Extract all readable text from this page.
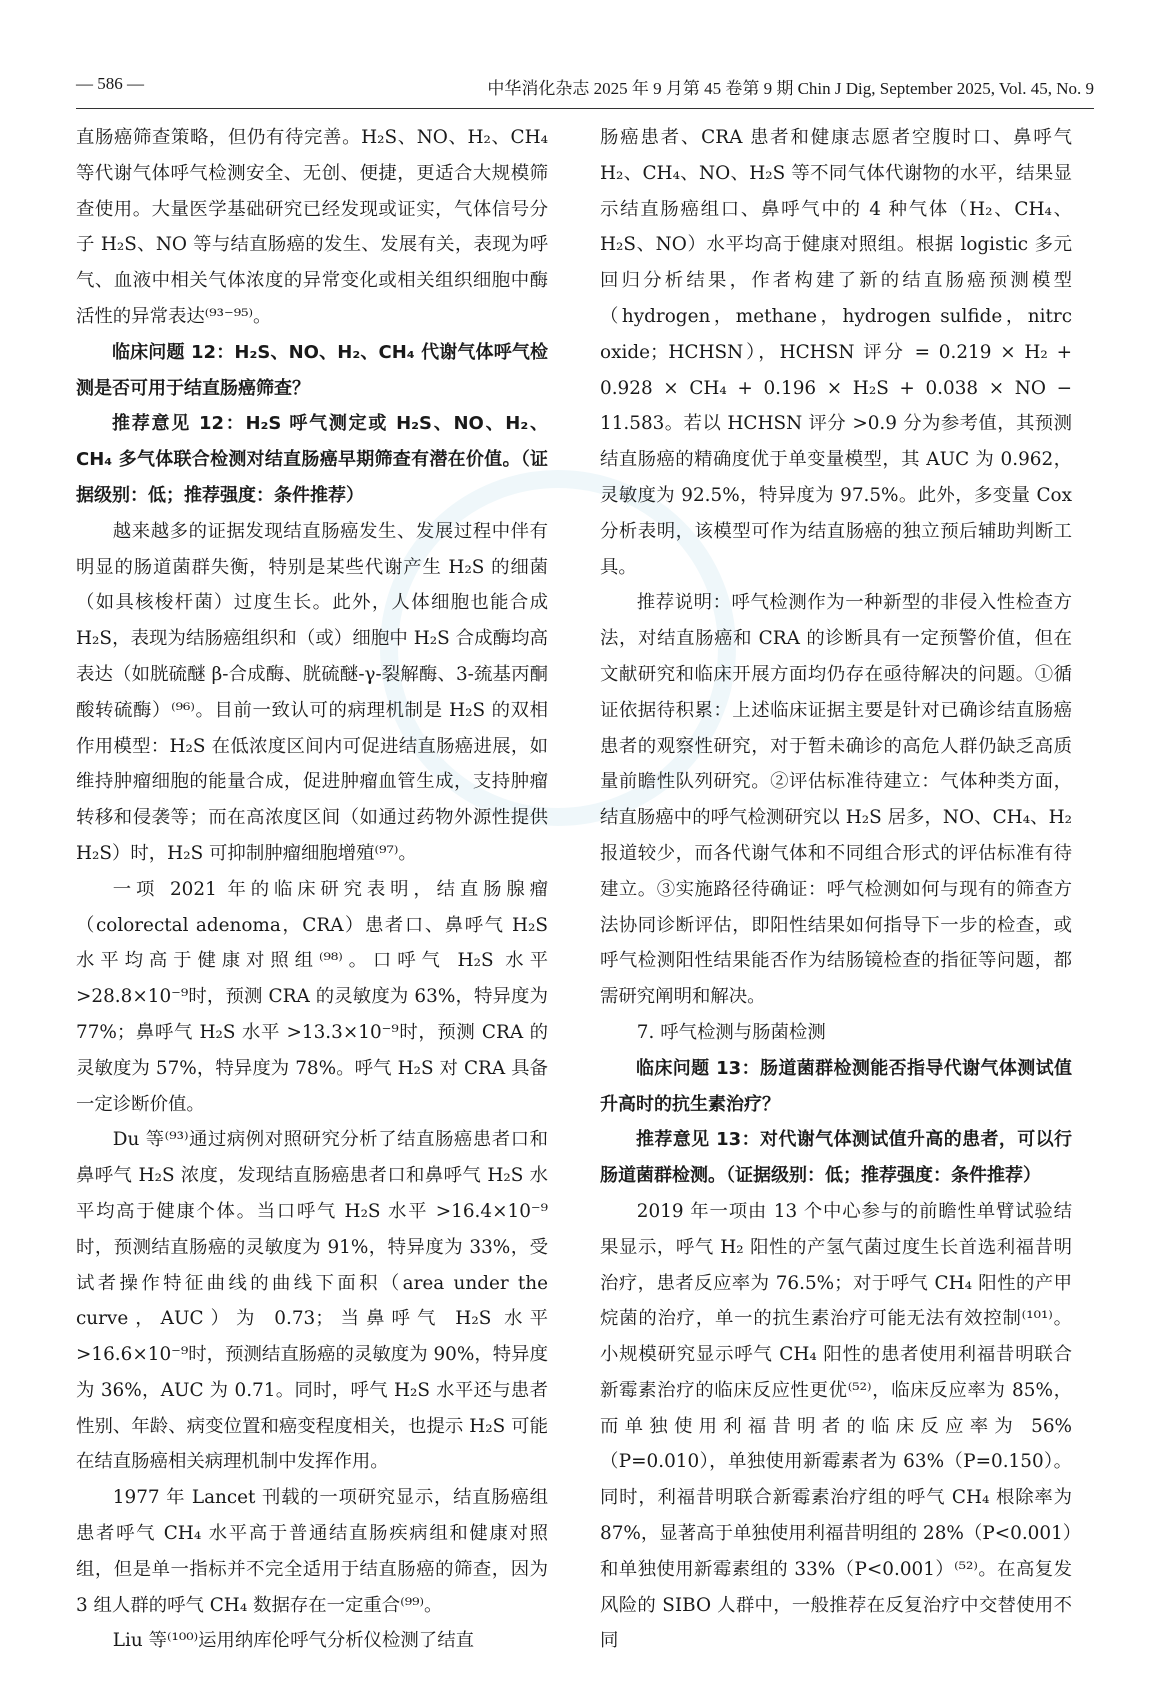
— 586 —	中华消化杂志 2025 年 9 月第 45 卷第 9 期 Chin J Dig, September 2025, Vol. 45, No. 9

直肠癌筛查策略，但仍有待完善。H₂S、NO、H₂、CH₄等代谢气体呼气检测安全、无创、便捷，更适合大规模筛查使用。大量医学基础研究已经发现或证实，气体信号分子 H₂S、NO 等与结直肠癌的发生、发展有关，表现为呼气、血液中相关气体浓度的异常变化或相关组织细胞中酶活性的异常表达⁽⁹³⁻⁹⁵⁾。

临床问题 12：H₂S、NO、H₂、CH₄ 代谢气体呼气检测是否可用于结直肠癌筛查？

推荐意见 12：H₂S 呼气测定或 H₂S、NO、H₂、CH₄ 多气体联合检测对结直肠癌早期筛查有潜在价值。（证据级别：低；推荐强度：条件推荐）

越来越多的证据发现结直肠癌发生、发展过程中伴有明显的肠道菌群失衡，特别是某些代谢产生 H₂S 的细菌（如具核梭杆菌）过度生长。此外，人体细胞也能合成 H₂S，表现为结肠癌组织和（或）细胞中 H₂S 合成酶均高表达（如胱硫醚 β-合成酶、胱硫醚-γ-裂解酶、3-巯基丙酮酸转硫酶）⁽⁹⁶⁾。目前一致认可的病理机制是 H₂S 的双相作用模型：H₂S 在低浓度区间内可促进结直肠癌进展，如维持肿瘤细胞的能量合成，促进肿瘤血管生成，支持肿瘤转移和侵袭等；而在高浓度区间（如通过药物外源性提供 H₂S）时，H₂S 可抑制肿瘤细胞增殖⁽⁹⁷⁾。

一项 2021 年的临床研究表明，结直肠腺瘤（colorectal adenoma，CRA）患者口、鼻呼气 H₂S 水平均高于健康对照组⁽⁹⁸⁾。口呼气 H₂S 水平 >28.8×10⁻⁹时，预测 CRA 的灵敏度为 63%，特异度为 77%；鼻呼气 H₂S 水平 >13.3×10⁻⁹时，预测 CRA 的灵敏度为 57%，特异度为 78%。呼气 H₂S 对 CRA 具备一定诊断价值。

Du 等⁽⁹³⁾通过病例对照研究分析了结直肠癌患者口和鼻呼气 H₂S 浓度，发现结直肠癌患者口和鼻呼气 H₂S 水平均高于健康个体。当口呼气 H₂S 水平 >16.4×10⁻⁹时，预测结直肠癌的灵敏度为 91%，特异度为 33%，受试者操作特征曲线的曲线下面积（area under the curve，AUC）为 0.73；当鼻呼气 H₂S 水平 >16.6×10⁻⁹时，预测结直肠癌的灵敏度为 90%，特异度为 36%，AUC 为 0.71。同时，呼气 H₂S 水平还与患者性别、年龄、病变位置和癌变程度相关，也提示 H₂S 可能在结直肠癌相关病理机制中发挥作用。

1977 年 Lancet 刊载的一项研究显示，结直肠癌组患者呼气 CH₄ 水平高于普通结直肠疾病组和健康对照组，但是单一指标并不完全适用于结直肠癌的筛查，因为 3 组人群的呼气 CH₄ 数据存在一定重合⁽⁹⁹⁾。

Liu 等⁽¹⁰⁰⁾运用纳库伦呼气分析仪检测了结直

肠癌患者、CRA 患者和健康志愿者空腹时口、鼻呼气 H₂、CH₄、NO、H₂S 等不同气体代谢物的水平，结果显示结直肠癌组口、鼻呼气中的 4 种气体（H₂、CH₄、H₂S、NO）水平均高于健康对照组。根据 logistic 多元回归分析结果，作者构建了新的结直肠癌预测模型（hydrogen，methane，hydrogen sulfide，nitrc oxide；HCHSN），HCHSN 评分 = 0.219 × H₂ + 0.928 × CH₄ + 0.196 × H₂S + 0.038 × NO − 11.583。若以 HCHSN 评分 >0.9 分为参考值，其预测结直肠癌的精确度优于单变量模型，其 AUC 为 0.962，灵敏度为 92.5%，特异度为 97.5%。此外，多变量 Cox 分析表明，该模型可作为结直肠癌的独立预后辅助判断工具。

推荐说明：呼气检测作为一种新型的非侵入性检查方法，对结直肠癌和 CRA 的诊断具有一定预警价值，但在文献研究和临床开展方面均仍存在亟待解决的问题。①循证依据待积累：上述临床证据主要是针对已确诊结直肠癌患者的观察性研究，对于暂未确诊的高危人群仍缺乏高质量前瞻性队列研究。②评估标准待建立：气体种类方面，结直肠癌中的呼气检测研究以 H₂S 居多，NO、CH₄、H₂ 报道较少，而各代谢气体和不同组合形式的评估标准有待建立。③实施路径待确证：呼气检测如何与现有的筛查方法协同诊断评估，即阳性结果如何指导下一步的检查，或呼气检测阳性结果能否作为结肠镜检查的指征等问题，都需研究阐明和解决。

7. 呼气检测与肠菌检测

临床问题 13：肠道菌群检测能否指导代谢气体测试值升高时的抗生素治疗？

推荐意见 13：对代谢气体测试值升高的患者，可以行肠道菌群检测。（证据级别：低；推荐强度：条件推荐）

2019 年一项由 13 个中心参与的前瞻性单臂试验结果显示，呼气 H₂ 阳性的产氢气菌过度生长首选利福昔明治疗，患者反应率为 76.5%；对于呼气 CH₄ 阳性的产甲烷菌的治疗，单一的抗生素治疗可能无法有效控制⁽¹⁰¹⁾。小规模研究显示呼气 CH₄ 阳性的患者使用利福昔明联合新霉素治疗的临床反应性更优⁽⁵²⁾，临床反应率为 85%，而单独使用利福昔明者的临床反应率为 56%（P=0.010），单独使用新霉素者为 63%（P=0.150）。同时，利福昔明联合新霉素治疗组的呼气 CH₄ 根除率为 87%，显著高于单独使用利福昔明组的 28%（P<0.001）和单独使用新霉素组的 33%（P<0.001）⁽⁵²⁾。在高复发风险的 SIBO 人群中，一般推荐在反复治疗中交替使用不同
